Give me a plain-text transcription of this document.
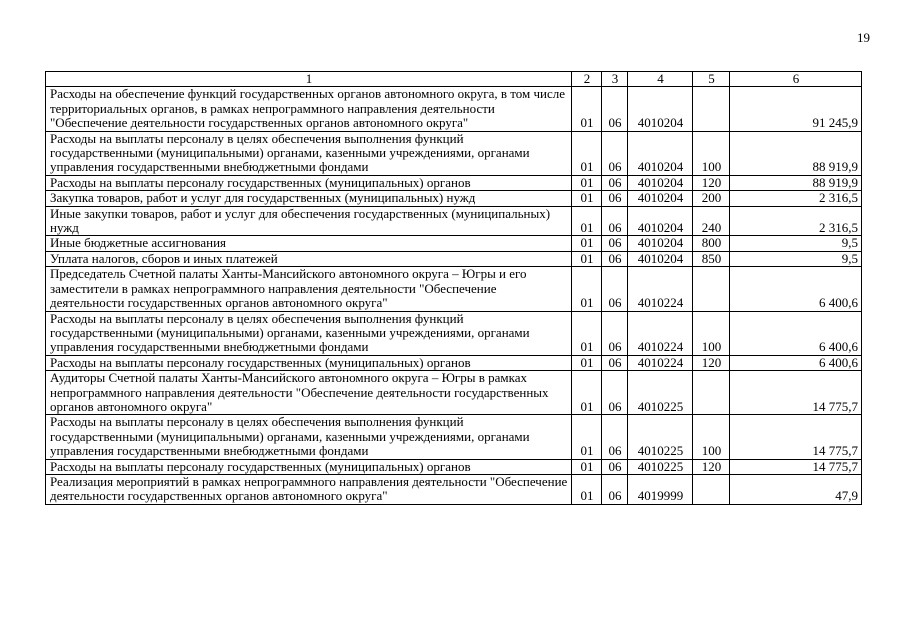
19
1	2	3	4	5	6
Расходы на обеспечение функций государственных органов автономного округа, в том числе территориальных органов, в рамках непрограммного направления деятельности "Обеспечение деятельности государственных органов автономного округа"	01	06	4010204		91 245,9
Расходы на выплаты персоналу в целях обеспечения выполнения функций государственными (муниципальными) органами, казенными учреждениями, органами управления государственными внебюджетными фондами	01	06	4010204	100	88 919,9
Расходы на выплаты персоналу государственных (муниципальных) органов	01	06	4010204	120	88 919,9
Закупка товаров, работ и услуг для государственных (муниципальных) нужд	01	06	4010204	200	2 316,5
Иные закупки товаров, работ и услуг для обеспечения государственных (муниципальных) нужд	01	06	4010204	240	2 316,5
Иные бюджетные ассигнования	01	06	4010204	800	9,5
Уплата налогов, сборов и иных платежей	01	06	4010204	850	9,5
Председатель Счетной палаты Ханты-Мансийского автономного округа – Югры и его заместители в рамках непрограммного направления деятельности "Обеспечение деятельности государственных органов автономного округа"	01	06	4010224		6 400,6
Расходы на выплаты персоналу в целях обеспечения выполнения функций государственными (муниципальными) органами, казенными учреждениями, органами управления государственными внебюджетными фондами	01	06	4010224	100	6 400,6
Расходы на выплаты персоналу государственных (муниципальных) органов	01	06	4010224	120	6 400,6
Аудиторы Счетной палаты Ханты-Мансийского автономного округа – Югры в рамках непрограммного направления деятельности "Обеспечение деятельности государственных органов автономного округа"	01	06	4010225		14 775,7
Расходы на выплаты персоналу в целях обеспечения выполнения функций государственными (муниципальными) органами, казенными учреждениями, органами управления государственными внебюджетными фондами	01	06	4010225	100	14 775,7
Расходы на выплаты персоналу государственных (муниципальных) органов	01	06	4010225	120	14 775,7
Реализация мероприятий в рамках непрограммного направления деятельности "Обеспечение деятельности государственных органов автономного округа"	01	06	4019999		47,9
